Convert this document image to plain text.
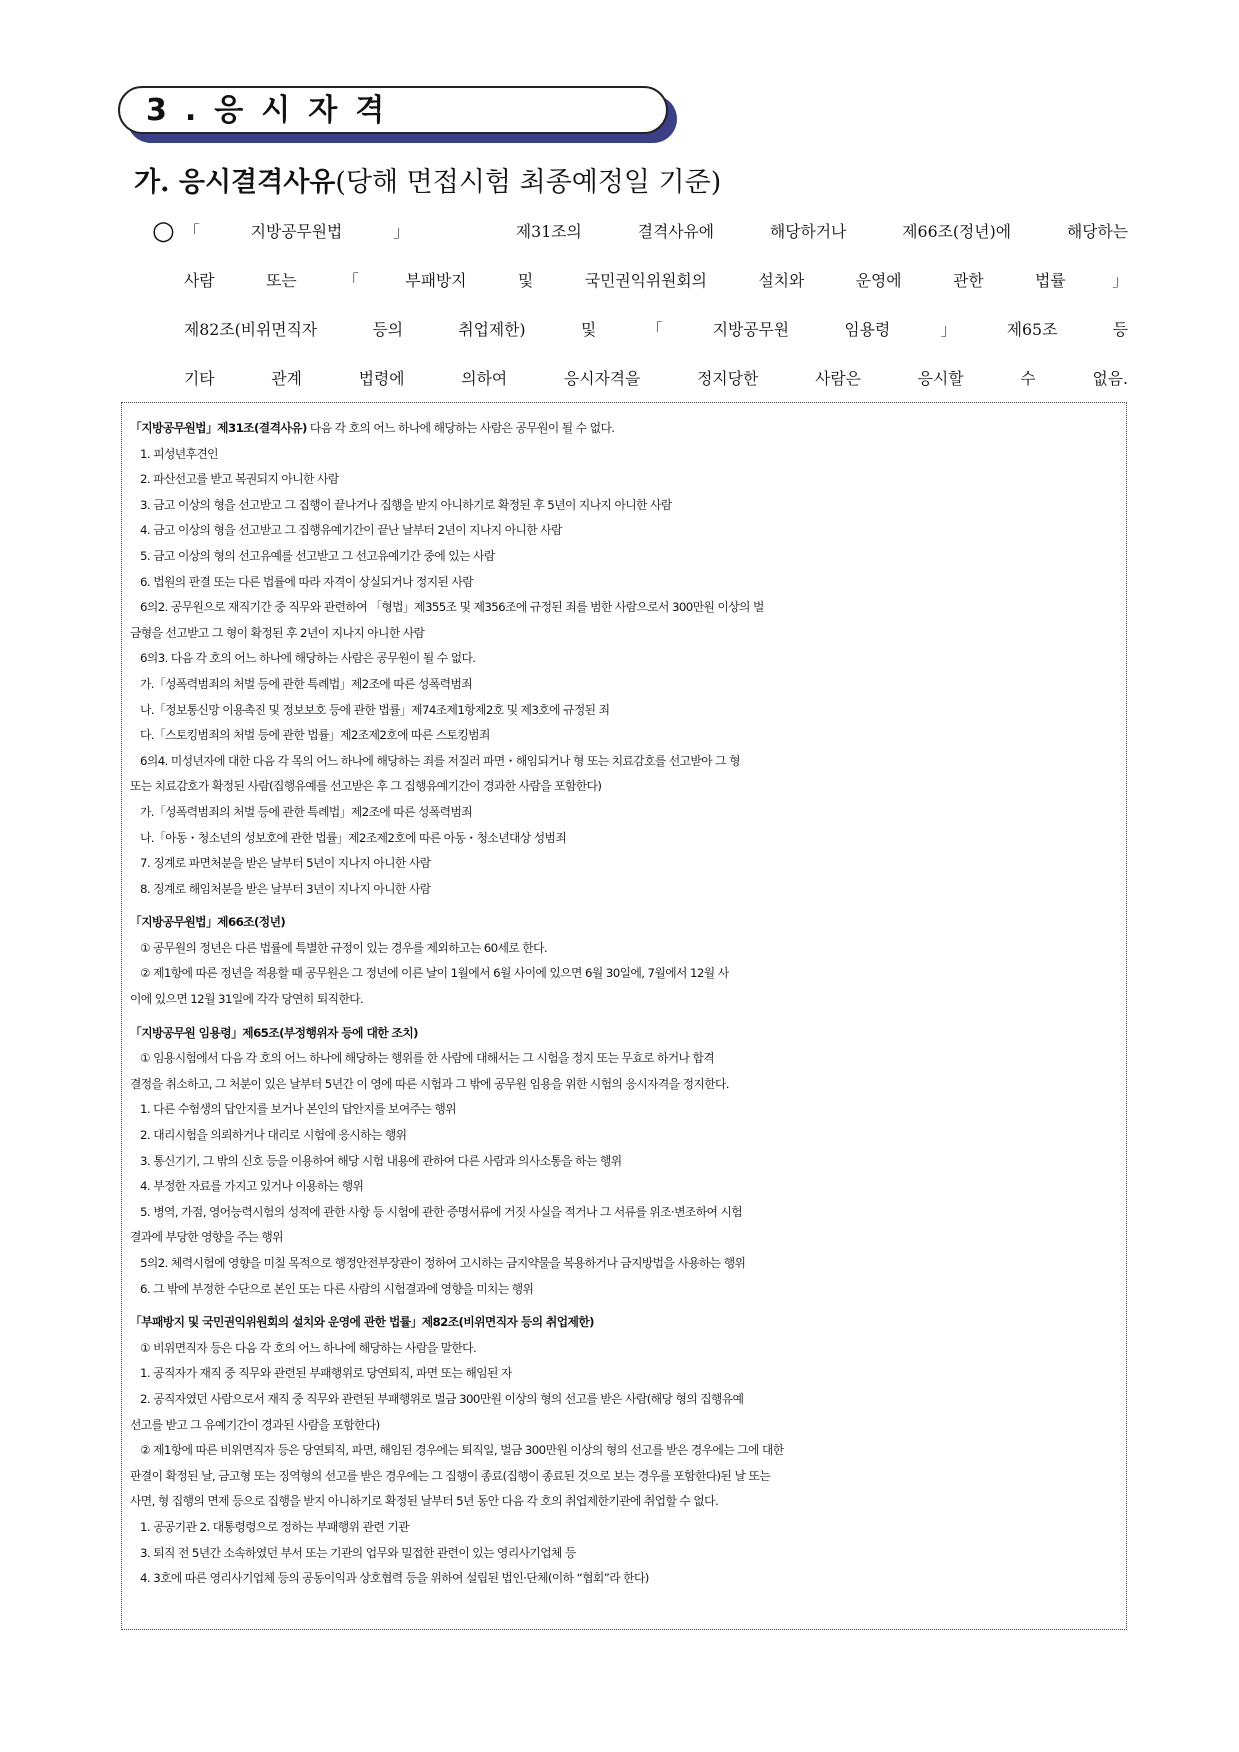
3.응시자격
가. 응시결격사유(당해 면접시험 최종예정일 기준)
○ 「지방공무원법」 제31조의 결격사유에 해당하거나 제66조(정년)에 해당하는
사람 또는「부패방지 및 국민권익위원회의 설치와 운영에 관한 법률」
제82조(비위면직자 등의 취업제한) 및「지방공무원 임용령」제65조 등
기타 관계 법령에 의하여 응시자격을 정지당한 사람은 응시할 수 없음.
「지방공무원법」제31조(결격사유) 다음 각 호의 어느 하나에 해당하는 사람은 공무원이 될 수 없다.
1. 피성년후견인
2. 파산선고를 받고 복권되지 아니한 사람
3. 금고 이상의 형을 선고받고 그 집행이 끝나거나 집행을 받지 아니하기로 확정된 후 5년이 지나지 아니한 사람
4. 금고 이상의 형을 선고받고 그 집행유예기간이 끝난 날부터 2년이 지나지 아니한 사람
5. 금고 이상의 형의 선고유예를 선고받고 그 선고유예기간 중에 있는 사람
6. 법원의 판결 또는 다른 법률에 따라 자격이 상실되거나 정지된 사람
6의2. 공무원으로 재직기간 중 직무와 관련하여 「형법」제355조 및 제356조에 규정된 죄를 범한 사람으로서 300만원 이상의 벌
금형을 선고받고 그 형이 확정된 후 2년이 지나지 아니한 사람
6의3. 다음 각 호의 어느 하나에 해당하는 사람은 공무원이 될 수 없다.
가.「성폭력범죄의 처벌 등에 관한 특례법」제2조에 따른 성폭력범죄
나.「정보통신망 이용촉진 및 정보보호 등에 관한 법률」제74조제1항제2호 및 제3호에 규정된 죄
다.「스토킹범죄의 처벌 등에 관한 법률」제2조제2호에 따른 스토킹범죄
6의4. 미성년자에 대한 다음 각 목의 어느 하나에 해당하는 죄를 저질러 파면・해임되거나 형 또는 치료감호를 선고받아 그 형
또는 치료감호가 확정된 사람(집행유예를 선고받은 후 그 집행유예기간이 경과한 사람을 포함한다)
가.「성폭력범죄의 처벌 등에 관한 특례법」제2조에 따른 성폭력범죄
나.「아동・청소년의 성보호에 관한 법률」제2조제2호에 따른 아동・청소년대상 성범죄
7. 징계로 파면처분을 받은 날부터 5년이 지나지 아니한 사람
8. 징계로 해임처분을 받은 날부터 3년이 지나지 아니한 사람
「지방공무원법」제66조(정년)
① 공무원의 정년은 다른 법률에 특별한 규정이 있는 경우를 제외하고는 60세로 한다.
② 제1항에 따른 정년을 적용할 때 공무원은 그 정년에 이른 날이 1월에서 6월 사이에 있으면 6월 30일에, 7월에서 12월 사
이에 있으면 12월 31일에 각각 당연히 퇴직한다.
「지방공무원 임용령」제65조(부정행위자 등에 대한 조치)
① 임용시험에서 다음 각 호의 어느 하나에 해당하는 행위를 한 사람에 대해서는 그 시험을 정지 또는 무효로 하거나 합격
결정을 취소하고, 그 처분이 있은 날부터 5년간 이 영에 따른 시험과 그 밖에 공무원 임용을 위한 시험의 응시자격을 정지한다.
1. 다른 수험생의 답안지를 보거나 본인의 답안지를 보여주는 행위
2. 대리시험을 의뢰하거나 대리로 시험에 응시하는 행위
3. 통신기기, 그 밖의 신호 등을 이용하여 해당 시험 내용에 관하여 다른 사람과 의사소통을 하는 행위
4. 부정한 자료를 가지고 있거나 이용하는 행위
5. 병역, 가점, 영어능력시험의 성적에 관한 사항 등 시험에 관한 증명서류에 거짓 사실을 적거나 그 서류를 위조·변조하여 시험
결과에 부당한 영향을 주는 행위
5의2. 체력시험에 영향을 미칠 목적으로 행정안전부장관이 정하여 고시하는 금지약물을 복용하거나 금지방법을 사용하는 행위
6. 그 밖에 부정한 수단으로 본인 또는 다른 사람의 시험결과에 영향을 미치는 행위
「부패방지 및 국민권익위원회의 설치와 운영에 관한 법률」제82조(비위면직자 등의 취업제한)
① 비위면직자 등은 다음 각 호의 어느 하나에 해당하는 사람을 말한다.
1. 공직자가 재직 중 직무와 관련된 부패행위로 당연퇴직, 파면 또는 해임된 자
2. 공직자였던 사람으로서 재직 중 직무와 관련된 부패행위로 벌금 300만원 이상의 형의 선고를 받은 사람(해당 형의 집행유예
선고를 받고 그 유예기간이 경과된 사람을 포함한다)
② 제1항에 따른 비위면직자 등은 당연퇴직, 파면, 해임된 경우에는 퇴직일, 벌금 300만원 이상의 형의 선고를 받은 경우에는 그에 대한
판결이 확정된 날, 금고형 또는 징역형의 선고를 받은 경우에는 그 집행이 종료(집행이 종료된 것으로 보는 경우를 포함한다)된 날 또는
사면, 형 집행의 면제 등으로 집행을 받지 아니하기로 확정된 날부터 5년 동안 다음 각 호의 취업제한기관에 취업할 수 없다.
1. 공공기관 2. 대통령령으로 정하는 부패행위 관련 기관
3. 퇴직 전 5년간 소속하였던 부서 또는 기관의 업무와 밀접한 관련이 있는 영리사기업체 등
4. 3호에 따른 영리사기업체 등의 공동이익과 상호협력 등을 위하여 설립된 법인·단체(이하 “협회”라 한다)
